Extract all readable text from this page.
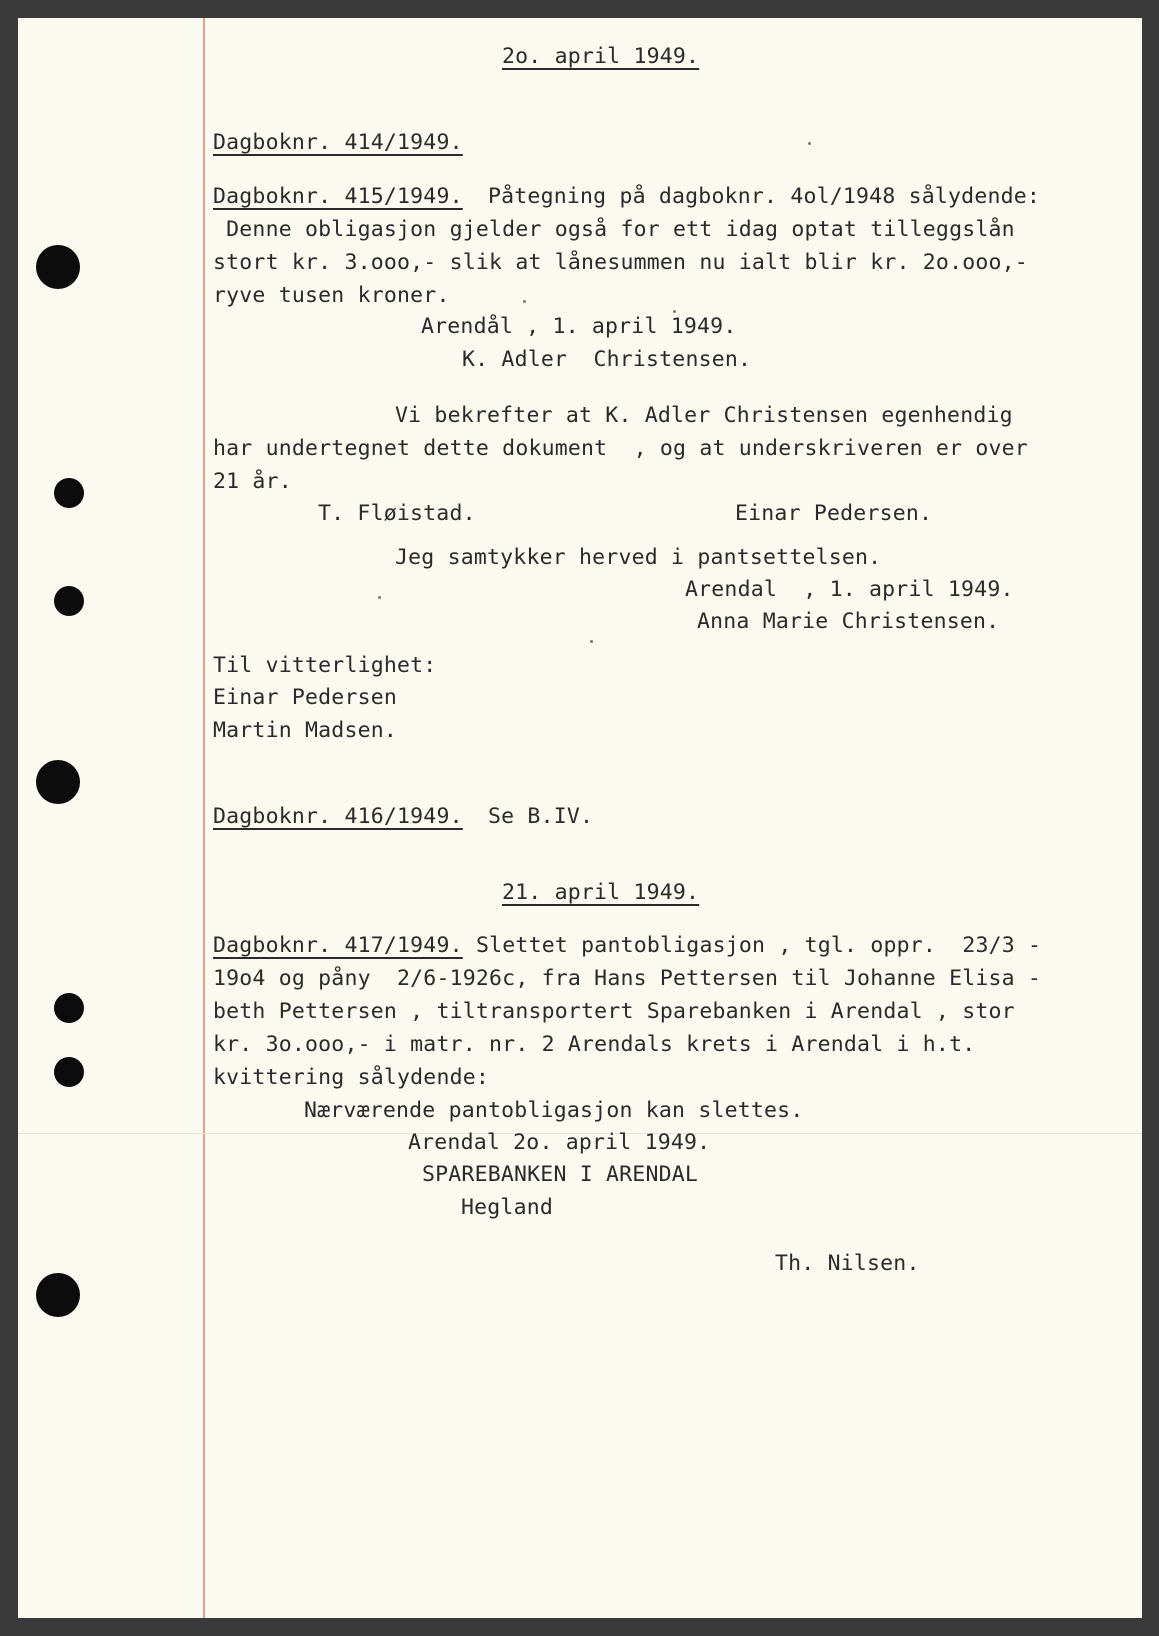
2o. april 1949.
Dagboknr. 414/1949.
Dagboknr. 415/1949. Påtegning på dagboknr. 4ol/1948 sålydende:
Denne obligasjon gjelder også for ett idag optat tilleggslån
stort kr. 3.ooo,- slik at lånesummen nu ialt blir kr. 2o.ooo,-
ryve tusen kroner.
Arendål , 1. april 1949.
K. Adler  Christensen.
Vi bekrefter at K. Adler Christensen egenhendig
har undertegnet dette dokument  , og at underskriveren er over
21 år.
T. Fløistad.	Einar Pedersen.
Jeg samtykker herved i pantsettelsen.
Arendal  , 1. april 1949.
Anna Marie Christensen.
Til vitterlighet:
Einar Pedersen
Martin Madsen.
Dagboknr. 416/1949. Se B.IV.
21. april 1949.
Dagboknr. 417/1949. Slettet pantobligasjon , tgl. oppr.  23/3 -
19o4 og påny  2/6-1926c, fra Hans Pettersen til Johanne Elisa -
beth Pettersen , tiltransportert Sparebanken i Arendal , stor
kr. 3o.ooo,- i matr. nr. 2 Arendals krets i Arendal i h.t.
kvittering sålydende:
Nærværende pantobligasjon kan slettes.
Arendal 2o. april 1949.
SPAREBANKEN I ARENDAL
Hegland
Th. Nilsen.
